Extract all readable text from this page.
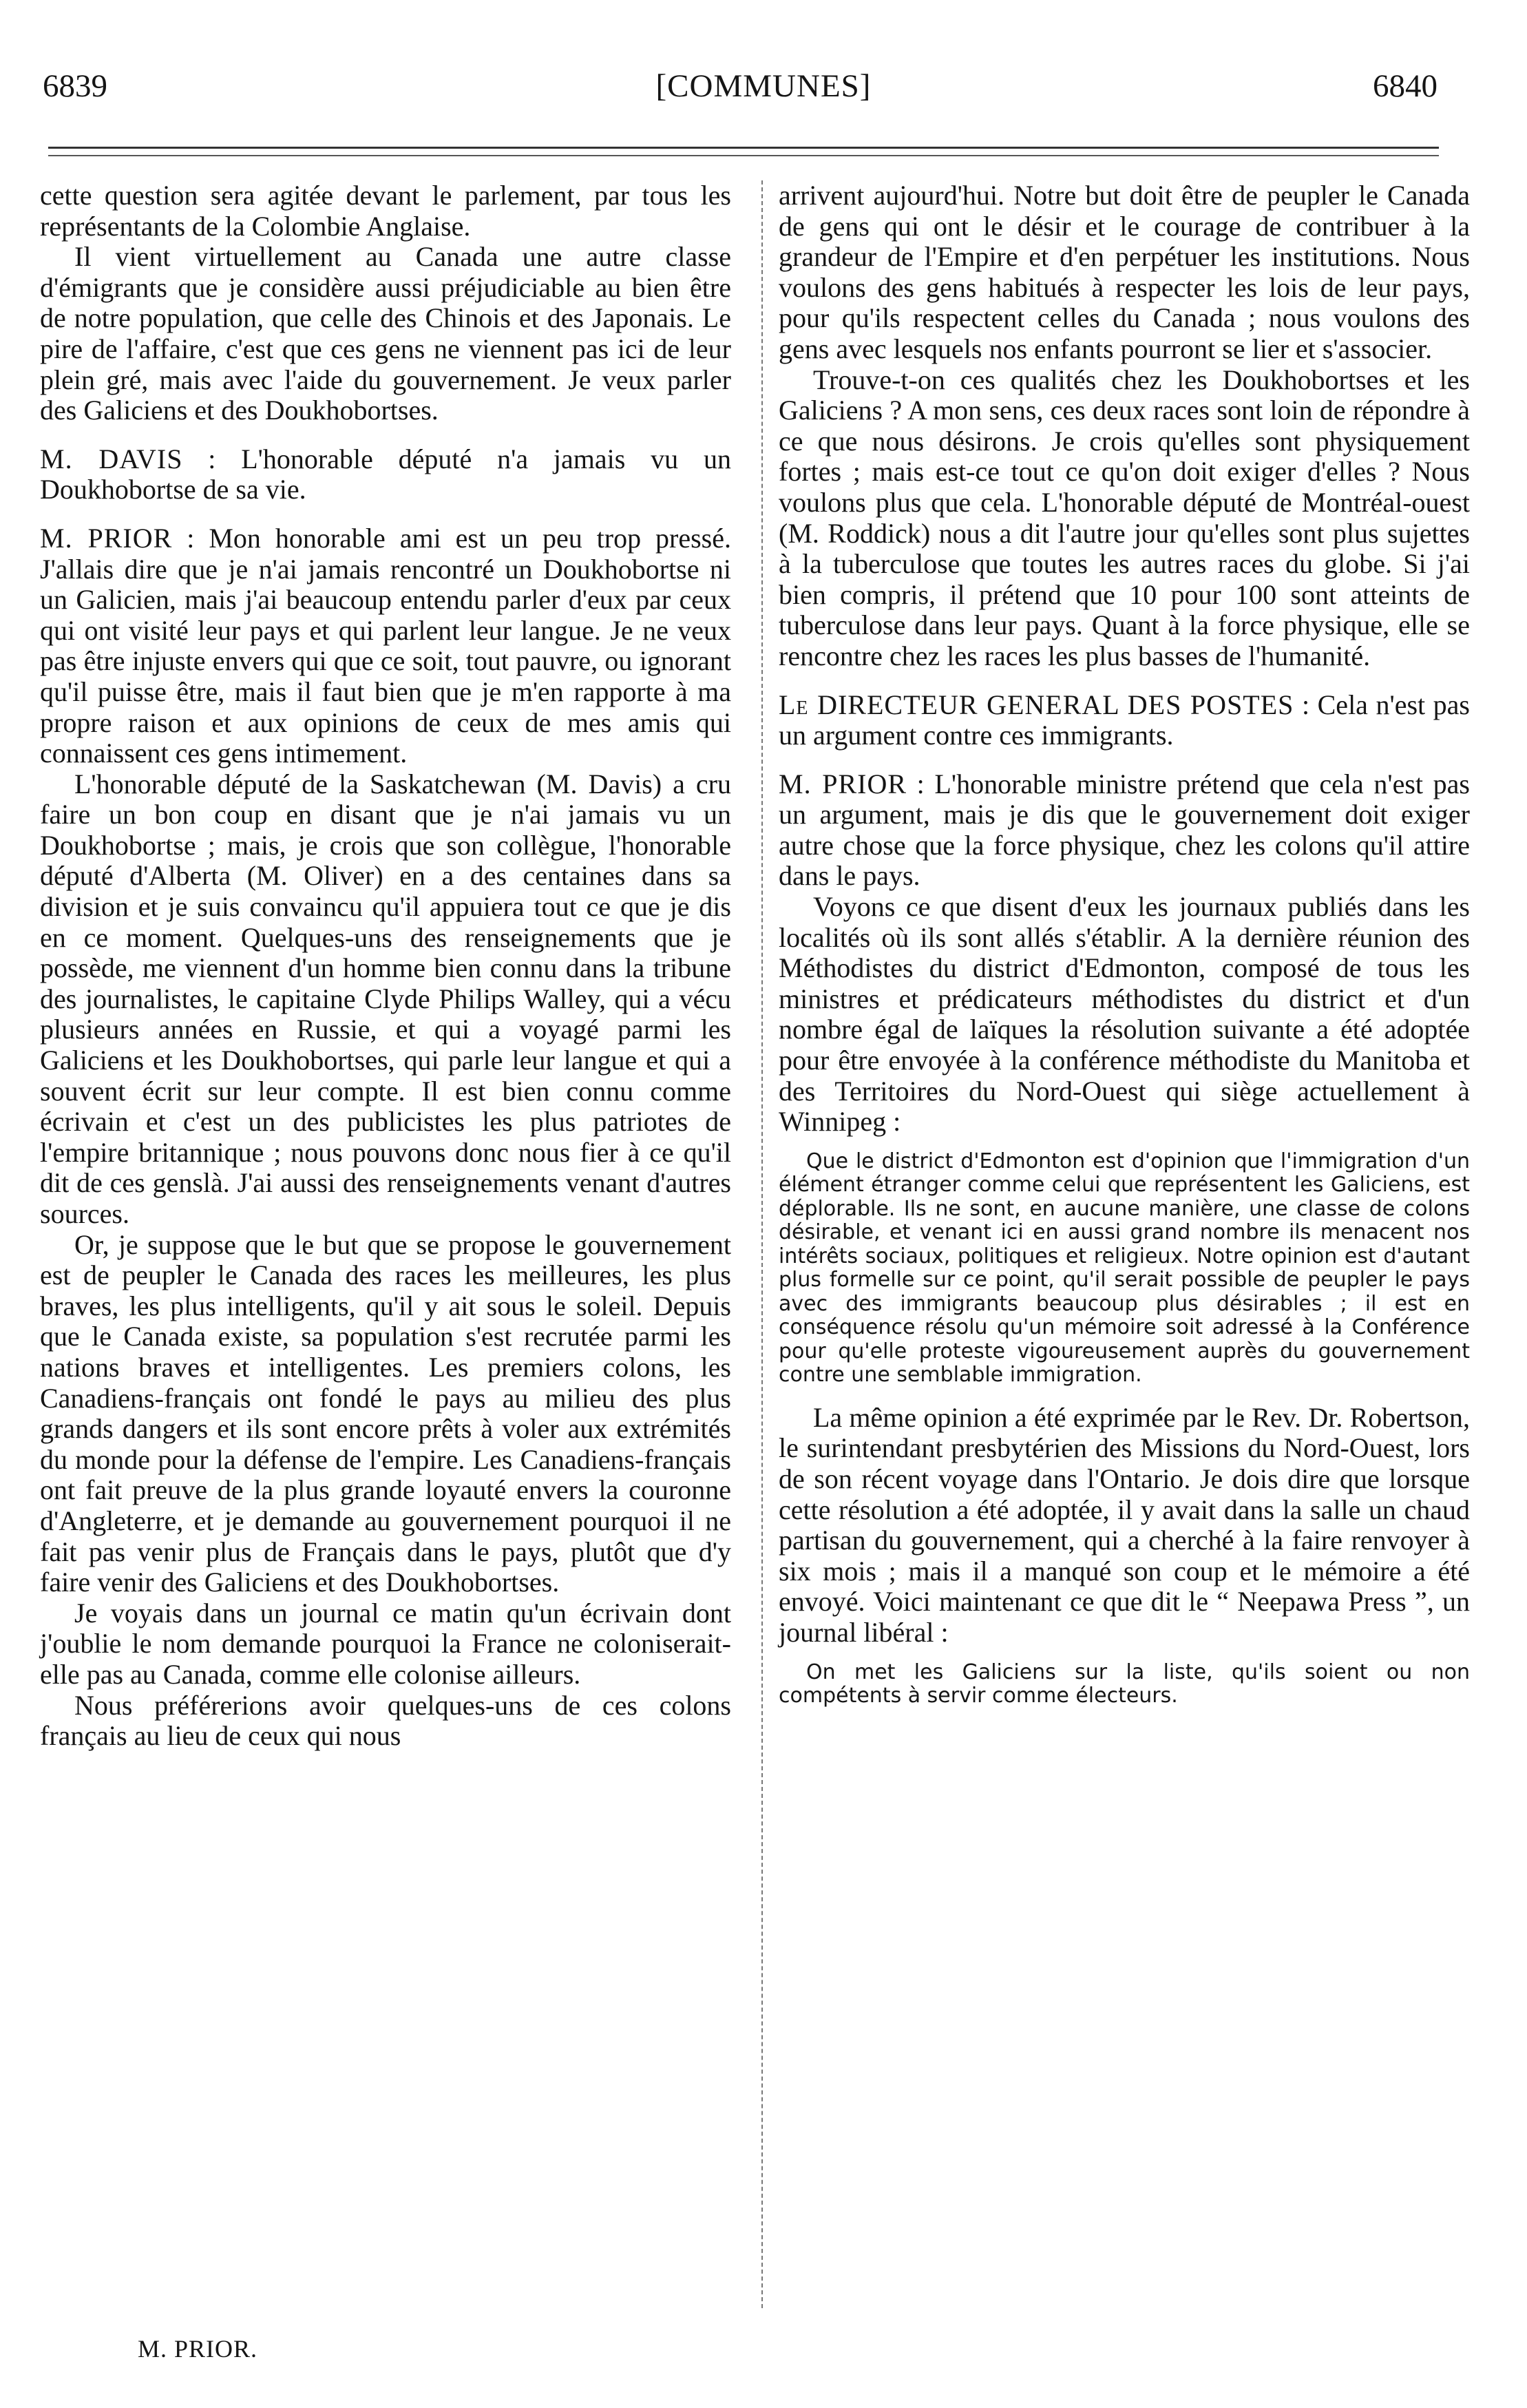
6839	[COMMUNES]	6840

cette question sera agitée devant le parlement, par tous les représentants de la Colombie Anglaise.

Il vient virtuellement au Canada une autre classe d'émigrants que je considère aussi préjudiciable au bien être de notre population, que celle des Chinois et des Japonais. Le pire de l'affaire, c'est que ces gens ne viennent pas ici de leur plein gré, mais avec l'aide du gouvernement. Je veux parler des Galiciens et des Doukhobortses.

M. DAVIS : L'honorable député n'a jamais vu un Doukhobortse de sa vie.

M. PRIOR : Mon honorable ami est un peu trop pressé. J'allais dire que je n'ai jamais rencontré un Doukhobortse ni un Galicien, mais j'ai beaucoup entendu parler d'eux par ceux qui ont visité leur pays et qui parlent leur langue. Je ne veux pas être injuste envers qui que ce soit, tout pauvre, ou ignorant qu'il puisse être, mais il faut bien que je m'en rapporte à ma propre raison et aux opinions de ceux de mes amis qui connaissent ces gens intimement.

L'honorable député de la Saskatchewan (M. Davis) a cru faire un bon coup en disant que je n'ai jamais vu un Doukhobortse ; mais, je crois que son collègue, l'honorable député d'Alberta (M. Oliver) en a des centaines dans sa division et je suis convaincu qu'il appuiera tout ce que je dis en ce moment. Quelques-uns des renseignements que je possède, me viennent d'un homme bien connu dans la tribune des journalistes, le capitaine Clyde Philips Walley, qui a vécu plusieurs années en Russie, et qui a voyagé parmi les Galiciens et les Doukhobortses, qui parle leur langue et qui a souvent écrit sur leur compte. Il est bien connu comme écrivain et c'est un des publicistes les plus patriotes de l'empire britannique ; nous pouvons donc nous fier à ce qu'il dit de ces genslà. J'ai aussi des renseignements venant d'autres sources.

Or, je suppose que le but que se propose le gouvernement est de peupler le Canada des races les meilleures, les plus braves, les plus intelligents, qu'il y ait sous le soleil. Depuis que le Canada existe, sa population s'est recrutée parmi les nations braves et intelligentes. Les premiers colons, les Canadiens-français ont fondé le pays au milieu des plus grands dangers et ils sont encore prêts à voler aux extrémités du monde pour la défense de l'empire. Les Canadiens-français ont fait preuve de la plus grande loyauté envers la couronne d'Angleterre, et je demande au gouvernement pourquoi il ne fait pas venir plus de Français dans le pays, plutôt que d'y faire venir des Galiciens et des Doukhobortses.

Je voyais dans un journal ce matin qu'un écrivain dont j'oublie le nom demande pourquoi la France ne coloniserait-elle pas au Canada, comme elle colonise ailleurs.

Nous préférerions avoir quelques-uns de ces colons français au lieu de ceux qui nous

arrivent aujourd'hui. Notre but doit être de peupler le Canada de gens qui ont le désir et le courage de contribuer à la grandeur de l'Empire et d'en perpétuer les institutions. Nous voulons des gens habitués à respecter les lois de leur pays, pour qu'ils respectent celles du Canada ; nous voulons des gens avec lesquels nos enfants pourront se lier et s'associer.

Trouve-t-on ces qualités chez les Doukhobortses et les Galiciens ? A mon sens, ces deux races sont loin de répondre à ce que nous désirons. Je crois qu'elles sont physiquement fortes ; mais est-ce tout ce qu'on doit exiger d'elles ? Nous voulons plus que cela. L'honorable député de Montréal-ouest (M. Roddick) nous a dit l'autre jour qu'elles sont plus sujettes à la tuberculose que toutes les autres races du globe. Si j'ai bien compris, il prétend que 10 pour 100 sont atteints de tuberculose dans leur pays. Quant à la force physique, elle se rencontre chez les races les plus basses de l'humanité.

Le DIRECTEUR GENERAL DES POSTES : Cela n'est pas un argument contre ces immigrants.

M. PRIOR : L'honorable ministre prétend que cela n'est pas un argument, mais je dis que le gouvernement doit exiger autre chose que la force physique, chez les colons qu'il attire dans le pays.

Voyons ce que disent d'eux les journaux publiés dans les localités où ils sont allés s'établir. A la dernière réunion des Méthodistes du district d'Edmonton, composé de tous les ministres et prédicateurs méthodistes du district et d'un nombre égal de laïques la résolution suivante a été adoptée pour être envoyée à la conférence méthodiste du Manitoba et des Territoires du Nord-Ouest qui siège actuellement à Winnipeg :

Que le district d'Edmonton est d'opinion que l'immigration d'un élément étranger comme celui que représentent les Galiciens, est déplorable. Ils ne sont, en aucune manière, une classe de colons désirable, et venant ici en aussi grand nombre ils menacent nos intérêts sociaux, politiques et religieux. Notre opinion est d'autant plus formelle sur ce point, qu'il serait possible de peupler le pays avec des immigrants beaucoup plus désirables ; il est en conséquence résolu qu'un mémoire soit adressé à la Conférence pour qu'elle proteste vigoureusement auprès du gouvernement contre une semblable immigration.

La même opinion a été exprimée par le Rev. Dr. Robertson, le surintendant presbytérien des Missions du Nord-Ouest, lors de son récent voyage dans l'Ontario. Je dois dire que lorsque cette résolution a été adoptée, il y avait dans la salle un chaud partisan du gouvernement, qui a cherché à la faire renvoyer à six mois ; mais il a manqué son coup et le mémoire a été envoyé. Voici maintenant ce que dit le “ Neepawa Press ”, un journal libéral :

On met les Galiciens sur la liste, qu'ils soient ou non compétents à servir comme électeurs.

M. PRIOR.
